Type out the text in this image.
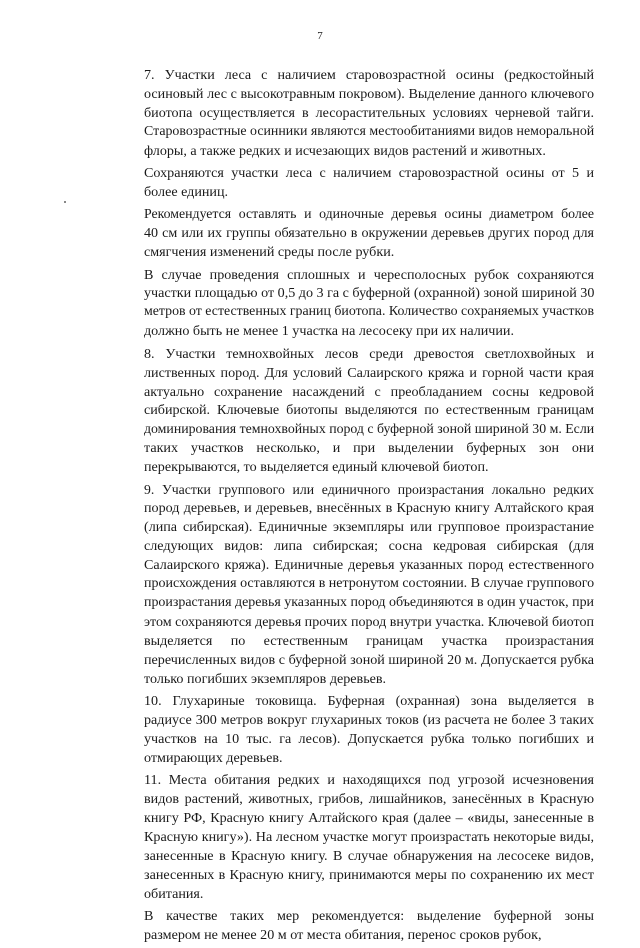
7

7. Участки леса с наличием старовозрастной осины (редкостойный
осиновый лес с высокотравным покровом). Выделение данного ключевого
биотопа осуществляется в лесорастительных условиях черневой тайги.
Старовозрастные осинники являются местообитаниями видов неморальной
флоры, а также редких и исчезающих видов растений и животных.

Сохраняются участки леса с наличием старовозрастной осины от 5 и
более единиц.

Рекомендуется оставлять и одиночные деревья осины диаметром более
40 см или их группы обязательно в окружении деревьев других пород для
смягчения изменений среды после рубки.

В случае проведения сплошных и чересполосных рубок сохраняются
участки площадью от 0,5 до 3 га с буферной (охранной) зоной шириной 30
метров от естественных границ биотопа. Количество сохраняемых участков
должно быть не менее 1 участка на лесосеку при их наличии.

8. Участки темнохвойных лесов среди древостоя светлохвойных и
лиственных пород. Для условий Салаирского кряжа и горной части края
актуально сохранение насаждений с преобладанием сосны кедровой
сибирской. Ключевые биотопы выделяются по естественным границам
доминирования темнохвойных пород с буферной зоной шириной 30 м. Если
таких участков несколько, и при выделении буферных зон они
перекрываются, то выделяется единый ключевой биотоп.

9. Участки группового или единичного произрастания локально редких
пород деревьев, и деревьев, внесённых в Красную книгу Алтайского края
(липа сибирская). Единичные экземпляры или групповое произрастание
следующих видов: липа сибирская; сосна кедровая сибирская (для
Салаирского кряжа). Единичные деревья указанных пород естественного
происхождения оставляются в нетронутом состоянии. В случае группового
произрастания деревья указанных пород объединяются в один участок, при
этом сохраняются деревья прочих пород внутри участка. Ключевой биотоп
выделяется по естественным границам участка произрастания
перечисленных видов с буферной зоной шириной 20 м. Допускается рубка
только погибших экземпляров деревьев.

10. Глухариные токовища. Буферная (охранная) зона выделяется в
радиусе 300 метров вокруг глухариных токов (из расчета не более 3 таких
участков на 10 тыс. га лесов). Допускается рубка только погибших и
отмирающих деревьев.

11. Места обитания редких и находящихся под угрозой исчезновения
видов растений, животных, грибов, лишайников, занесённых в Красную
книгу РФ, Красную книгу Алтайского края (далее – «виды, занесенные в
Красную книгу»). На лесном участке могут произрастать некоторые виды,
занесенные в Красную книгу. В случае обнаружения на лесосеке видов,
занесенных в Красную книгу, принимаются меры по сохранению их мест
обитания.

В качестве таких мер рекомендуется: выделение буферной зоны
размером не менее 20 м от места обитания, перенос сроков рубок,
